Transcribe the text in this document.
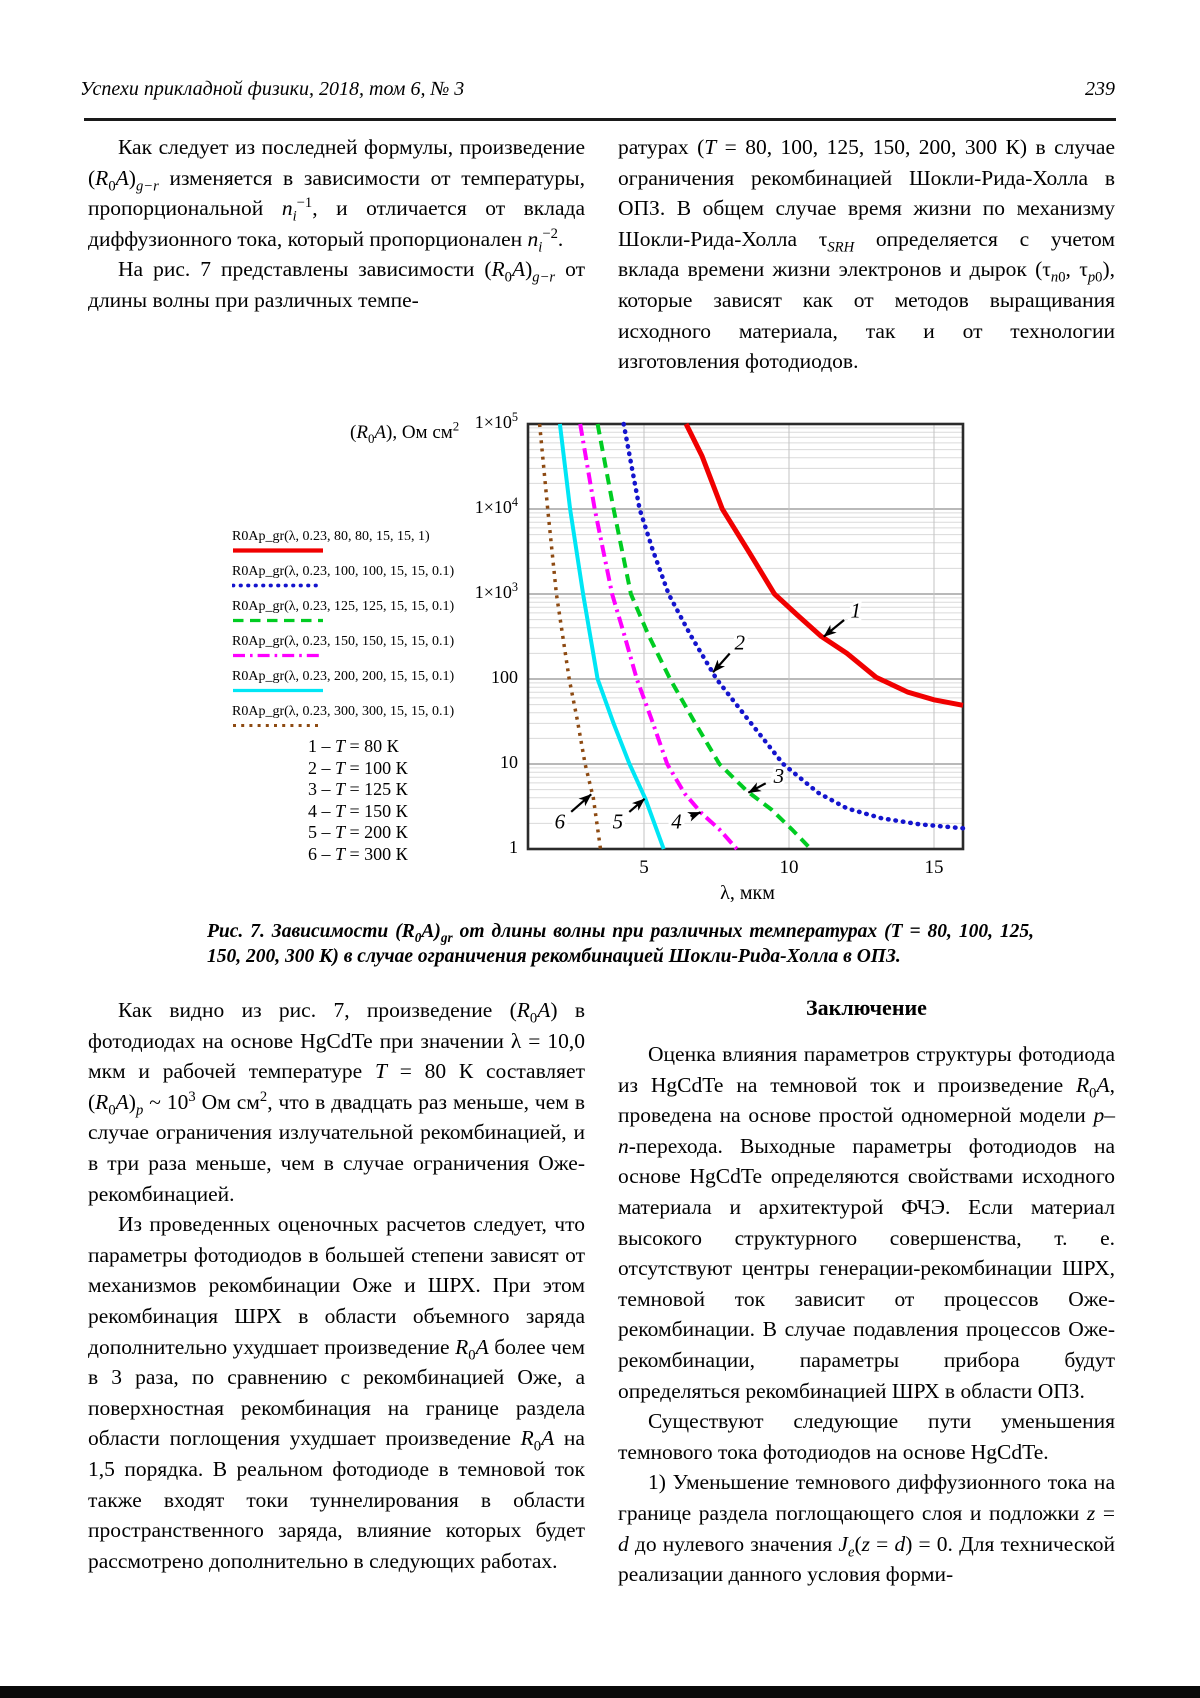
Успехи прикладной физики, 2018, том 6, № 3	239

Как следует из последней формулы, произведение $(R_0A)_{g-r}$ изменяется в зависимости от температуры, пропорциональной $n_i^{-1}$, и отличается от вклада диффузионного тока, который пропорционален $n_i^{-2}$.

На рис. 7 представлены зависимости $(R_0A)_{g-r}$ от длины волны при различных темпе-

ратурах (T = 80, 100, 125, 150, 200, 300 К) в случае ограничения рекомбинацией Шокли-Рида-Холла в ОПЗ. В общем случае время жизни по механизму Шокли-Рида-Холла $\tau_{SRH}$ определяется с учетом вклада времени жизни электронов и дырок ($\tau_{n0}$, $\tau_{p0}$), которые зависят как от методов выращивания исходного материала, так и от технологии изготовления фотодиодов.

$(R_0A)$, Ом $см^2$
R0Ap_gr(λ, 0.23, 80, 80, 15, 15, 1)
R0Ap_gr(λ, 0.23, 100, 100, 15, 15, 0.1)
R0Ap_gr(λ, 0.23, 125, 125, 15, 15, 0.1)
R0Ap_gr(λ, 0.23, 150, 150, 15, 15, 0.1)
R0Ap_gr(λ, 0.23, 200, 200, 15, 15, 0.1)
R0Ap_gr(λ, 0.23, 300, 300, 15, 15, 0.1)
1 – T = 80 К
2 – T = 100 К
3 – T = 125 К
4 – T = 150 К
5 – T = 200 К
6 – T = 300 К
1
2
3
4
5
6
λ, мкм
$1\times 10^5$
$1\times 10^4$
$1\times 10^3$
100
10
1
5	10	15
Рис. 7. Зависимости $(R_0A)_{gr}$ от длины волны при различных температурах (T = 80, 100, 125, 150, 200, 300 К) в случае ограничения рекомбинацией Шокли-Рида-Холла в ОПЗ.

Как видно из рис. 7, произведение $(R_0A)$ в фотодиодах на основе HgCdTe при значении λ = 10,0 мкм и рабочей температуре T = 80 К составляет $(R_0A)_p$ ~ $10^3$ Ом $см^2$, что в двадцать раз меньше, чем в случае ограничения излучательной рекомбинацией, и в три раза меньше, чем в случае ограничения Оже-рекомбинацией.

Из проведенных оценочных расчетов следует, что параметры фотодиодов в большей степени зависят от механизмов рекомбинации Оже и ШРХ. При этом рекомбинация ШРХ в области объемного заряда дополнительно ухудшает произведение $R_0A$ более чем в 3 раза, по сравнению с рекомбинацией Оже, а поверхностная рекомбинация на границе раздела области поглощения ухудшает произведение $R_0A$ на 1,5 порядка. В реальном фотодиоде в темновой ток также входят токи туннелирования в области пространственного заряда, влияние которых будет рассмотрено дополнительно в следующих работах.

Заключение

Оценка влияния параметров структуры фотодиода из HgCdTe на темновой ток и произведение $R_0A$, проведена на основе простой одномерной модели p–n-перехода. Выходные параметры фотодиодов на основе HgCdTe определяются свойствами исходного материала и архитектурой ФЧЭ. Если материал высокого структурного совершенства, т. е. отсутствуют центры генерации-рекомбинации ШРХ, темновой ток зависит от процессов Оже-рекомбинации. В случае подавления процессов Оже-рекомбинации, параметры прибора будут определяться рекомбинацией ШРХ в области ОПЗ.

Существуют следующие пути уменьшения темнового тока фотодиодов на основе HgCdTe.

1) Уменьшение темнового диффузионного тока на границе раздела поглощающего слоя и подложки z = d до нулевого значения $J_e(z = d) = 0$. Для технической реализации данного условия форми-
